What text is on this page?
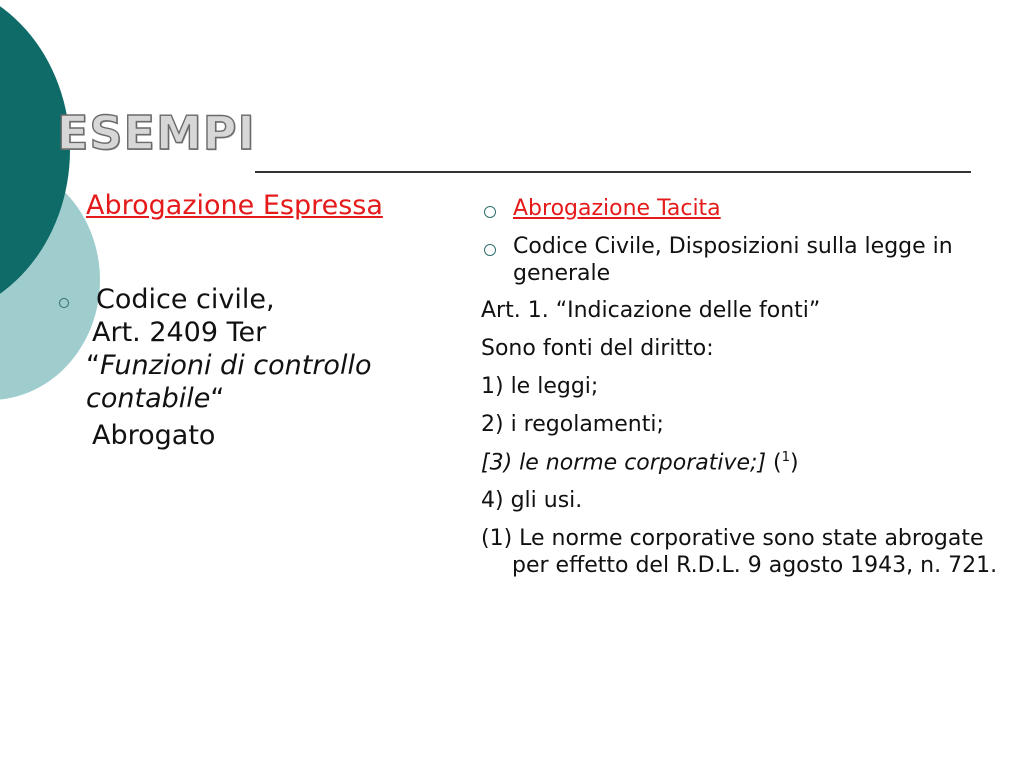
ESEMPI
Abrogazione Espressa
Codice civile,
Art. 2409 Ter
“Funzioni di controllo contabile“
Abrogato
Abrogazione Tacita
Codice Civile, Disposizioni sulla legge in generale
Art. 1. “Indicazione delle fonti”
Sono fonti del diritto:
1) le leggi;
2) i regolamenti;
[3) le norme corporative;] ($^1$)
4) gli usi.
(1) Le norme corporative sono state abrogate per effetto del R.D.L. 9 agosto 1943, n. 721.
